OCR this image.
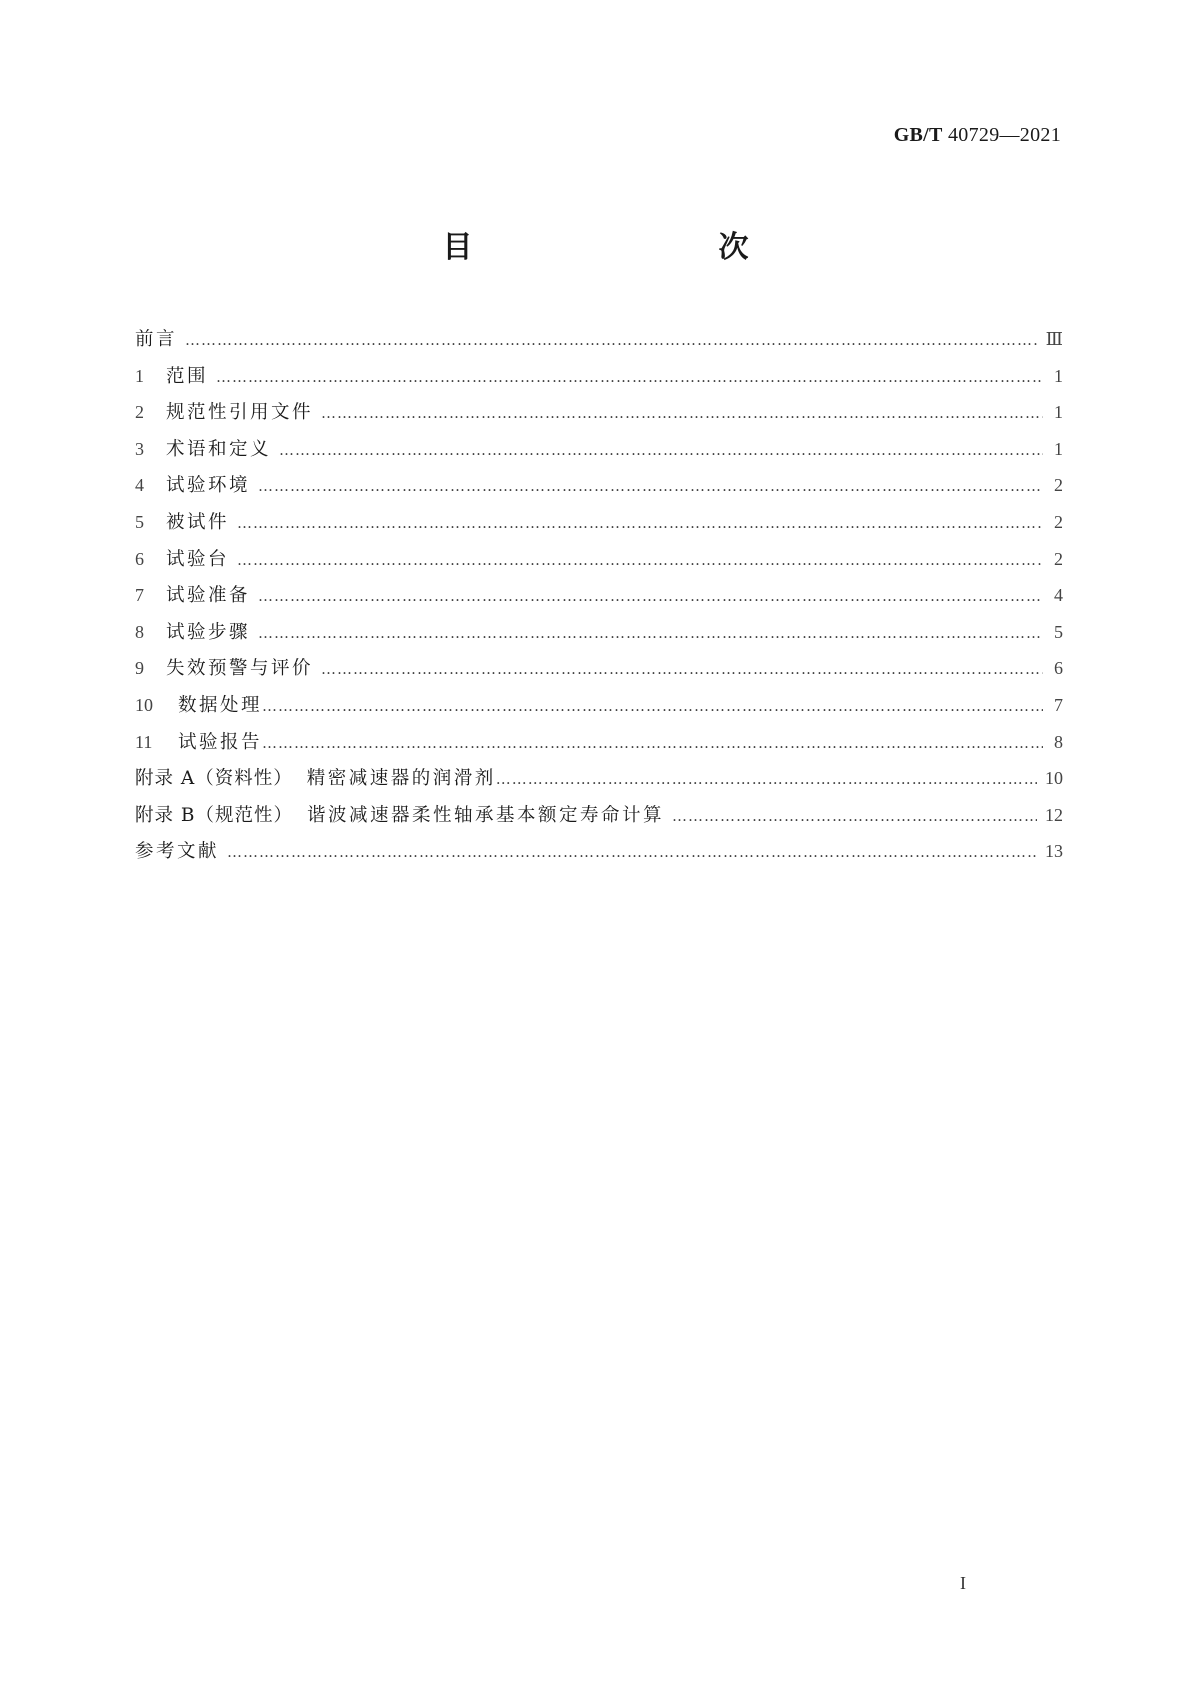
GB/T 40729—2021
目　　次
前言 ……………………………………………………………………………………………………………………………………………………………………………………………………	Ⅲ
1	范围 ……………………………………………………………………………………………………………………………………………………………………………………………………	1
2	规范性引用文件 ……………………………………………………………………………………………………………………………………………………………………………………………………	1
3	术语和定义 ……………………………………………………………………………………………………………………………………………………………………………………………………	1
4	试验环境 ……………………………………………………………………………………………………………………………………………………………………………………………………	2
5	被试件 ……………………………………………………………………………………………………………………………………………………………………………………………………	2
6	试验台 ……………………………………………………………………………………………………………………………………………………………………………………………………	2
7	试验准备 ……………………………………………………………………………………………………………………………………………………………………………………………………	4
8	试验步骤 ……………………………………………………………………………………………………………………………………………………………………………………………………	5
9	失效预警与评价 ……………………………………………………………………………………………………………………………………………………………………………………………………	6
10	数据处理 ……………………………………………………………………………………………………………………………………………………………………………………………………	7
11	试验报告 ……………………………………………………………………………………………………………………………………………………………………………………………………	8
附录 A（资料性） 精密减速器的润滑剂 ……………………………………………………………………………………………………………………………………………………………………………………………………	10
附录 B（规范性） 谐波减速器柔性轴承基本额定寿命计算 ……………………………………………………………………………………………………………………………………………………………………………………………………	12
参考文献 ……………………………………………………………………………………………………………………………………………………………………………………………………	13
I
